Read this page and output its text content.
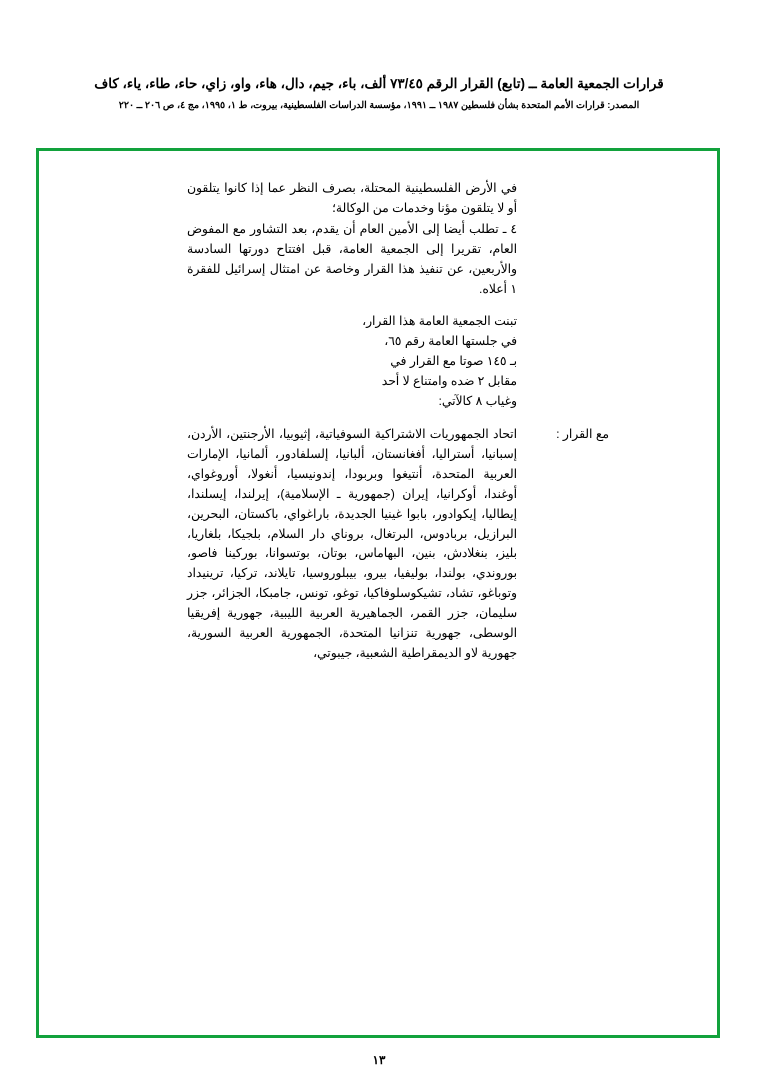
قرارات الجمعية العامة ــ (تابع) القرار الرقم ٧٣/٤٥ ألف، باء، جيم، دال، هاء، واو، زاي، حاء، طاء، ياء، كاف
المصدر: قرارات الأمم المتحدة بشأن فلسطين ١٩٨٧ ــ ١٩٩١، مؤسسة الدراسات الفلسطينية، بيروت، ط ١، ١٩٩٥، مج ٤، ص ٢٠٦ ــ ٢٢٠

في الأرض الفلسطينية المحتلة، بصرف النظر عما إذا كانوا يتلقون أو لا يتلقون مؤنا وخدمات من الوكالة؛

٤ ـ تطلب أيضا إلى الأمين العام أن يقدم، بعد التشاور مع المفوض العام، تقريرا إلى الجمعية العامة، قبل افتتاح دورتها السادسة والأربعين، عن تنفيذ هذا القرار وخاصة عن امتثال إسرائيل للفقرة ١ أعلاه.

تبنت الجمعية العامة هذا القرار،

في جلستها العامة رقم ٦٥،

بـ ١٤٥ صوتا مع القرار في

مقابل ٢ ضده وامتناع لا أحد

وغياب ٨ كالآتي:

مع القرار :
اتحاد الجمهوريات الاشتراكية السوفياتية، إثيوبيا، الأرجنتين، الأردن، إسبانيا، أستراليا، أفغانستان، ألبانيا، إلسلفادور، ألمانيا، الإمارات العربية المتحدة، أنتيغوا وبربودا، إندونيسيا، أنغولا، أوروغواي، أوغندا، أوكرانيا، إيران (جمهورية ـ الإسلامية)، إيرلندا، إيسلندا، إيطاليا، إيكوادور، بابوا غينيا الجديدة، باراغواي، باكستان، البحرين، البرازيل، بربادوس، البرتغال، بروناي دار السلام، بلجيكا، بلغاريا، بليز، بنغلادش، بنين، البهاماس، بوتان، بوتسوانا، بوركينا فاصو، بوروندي، بولندا، بوليفيا، بيرو، بيبلوروسيا، تايلاند، تركيا، ترينيداد وتوباغو، تشاد، تشيكوسلوفاكيا، توغو، تونس، جامبكا، الجزائر، جزر سليمان، جزر القمر، الجماهيرية العربية الليبية، جهورية إفريقيا الوسطى، جهورية تنزانيا المتحدة، الجمهورية العربية السورية، جهورية لاو الديمقراطية الشعبية، جيبوتي،
١٣
